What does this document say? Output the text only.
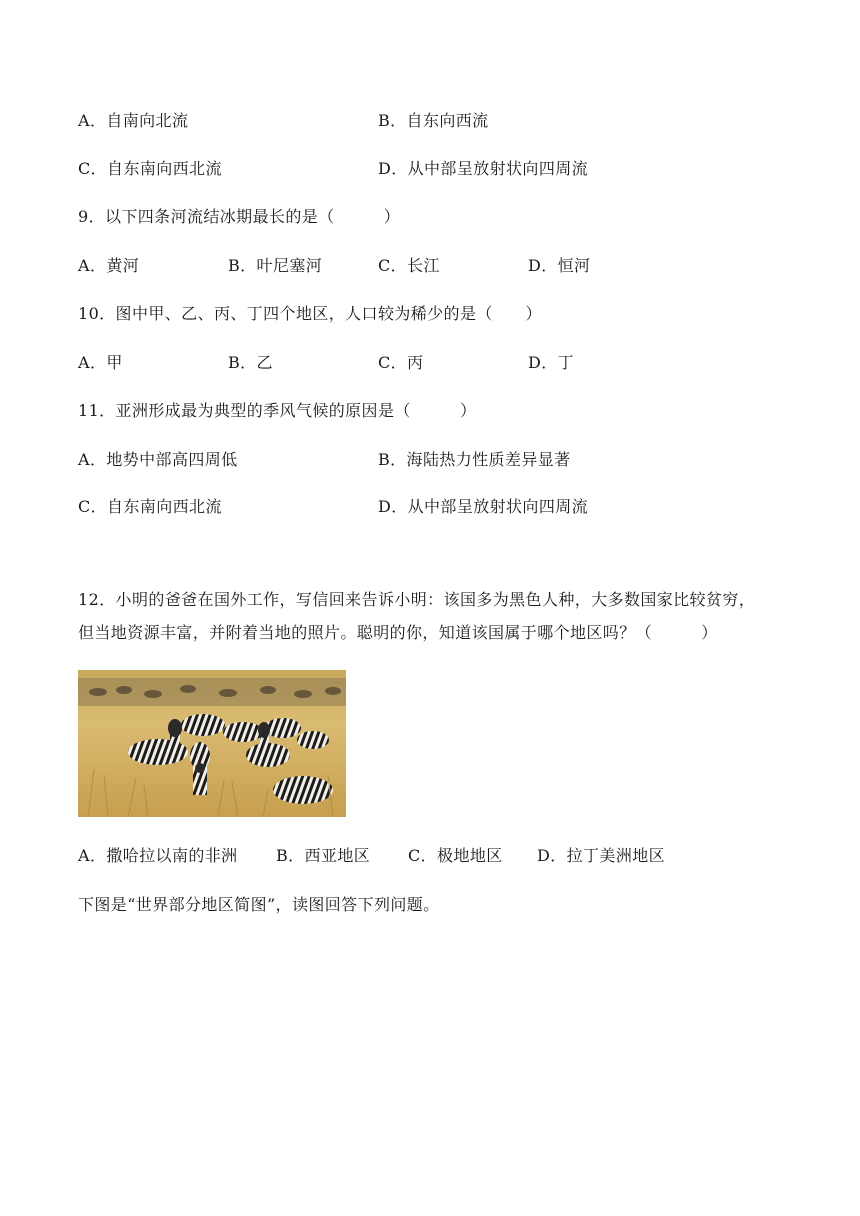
A．自南向北流	B．自东向西流
C．自东南向西北流	D．从中部呈放射状向四周流
9．以下四条河流结冰期最长的是（　　　）
A．黄河	B．叶尼塞河	C．长江	D．恒河
10．图中甲、乙、丙、丁四个地区，人口较为稀少的是（　　）
A．甲	B．乙	C．丙	D．丁
11．亚洲形成最为典型的季风气候的原因是（　　　）
A．地势中部高四周低	B．海陆热力性质差异显著
C．自东南向西北流	D．从中部呈放射状向四周流
12．小明的爸爸在国外工作，写信回来告诉小明：该国多为黑色人种，大多数国家比较贫穷，
但当地资源丰富，并附着当地的照片。聪明的你，知道该国属于哪个地区吗？（　　　）
A．撒哈拉以南的非洲 B．西亚地区 C．极地地区 D．拉丁美洲地区
下图是“世界部分地区简图”，读图回答下列问题。
